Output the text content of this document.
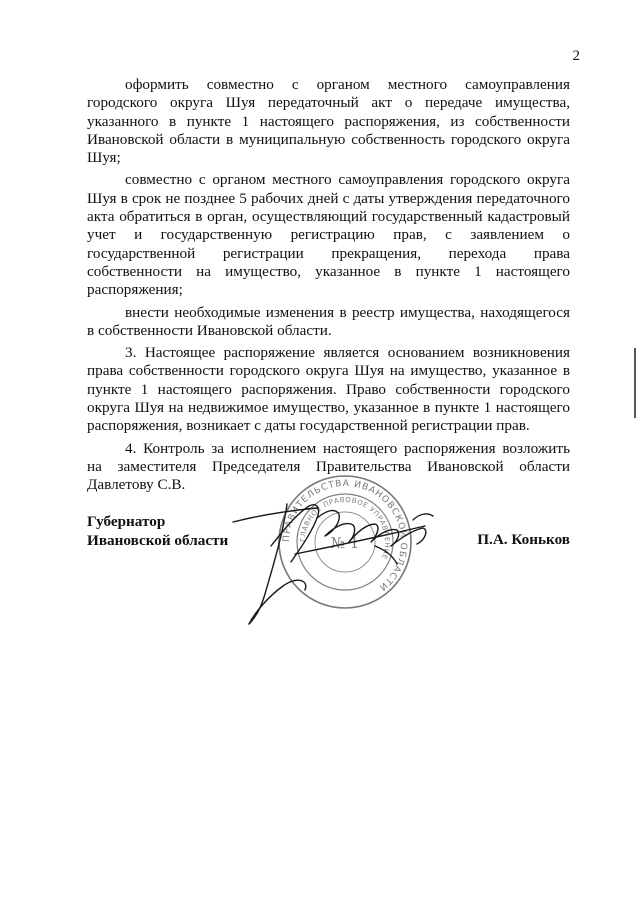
2

оформить совместно с органом местного самоуправления городского округа Шуя передаточный акт о передаче имущества, указанного в пункте 1 настоящего распоряжения, из собственности Ивановской области в муниципальную собственность городского округа Шуя;

совместно с органом местного самоуправления городского округа Шуя в срок не позднее 5 рабочих дней с даты утверждения передаточного акта обратиться в орган, осуществляющий государственный кадастровый учет и государственную регистрацию прав, с заявлением о государственной регистрации прекращения, перехода права собственности на имущество, указанное в пункте 1 настоящего распоряжения;

внести необходимые изменения в реестр имущества, находящегося в собственности Ивановской области.

3. Настоящее распоряжение является основанием возникновения права собственности городского округа Шуя на имущество, указанное в пункте 1 настоящего распоряжения. Право собственности городского округа Шуя на недвижимое имущество, указанное в пункте 1 настоящего распоряжения, возникает с даты государственной регистрации прав.

4. Контроль за исполнением настоящего распоряжения возложить на заместителя Председателя Правительства Ивановской области Давлетову С.В.

Губернатор
Ивановской области	П.А. Коньков
ПРАВИТЕЛЬСТВА ИВАНОВСКОЙ ОБЛАСТИ
ГЛАВНОЕ ПРАВОВОЕ УПРАВЛЕНИЕ
№ 1
